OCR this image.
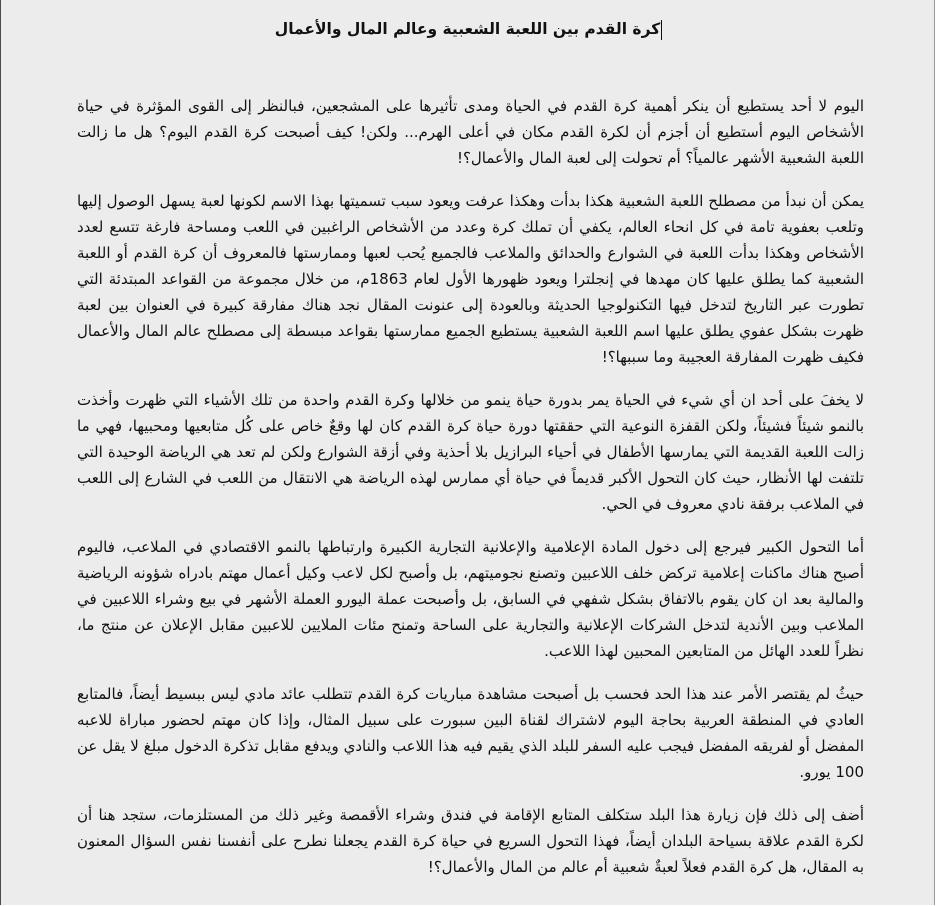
كرة القدم بين اللعبة الشعبية وعالم المال والأعمال

اليوم لا أحد يستطيع أن ينكر أهمية كرة القدم في الحياة ومدى تأثيرها على المشجعين، فبالنظر إلى القوى المؤثرة في حياة الأشخاص اليوم أستطيع أن أجزم أن لكرة القدم مكان في أعلى الهرم... ولكن! كيف أصبحت كرة القدم اليوم؟ هل ما زالت اللعبة الشعبية الأشهر عالمياً؟ أم تحولت إلى لعبة المال والأعمال؟!

يمكن أن نبدأ من مصطلح اللعبة الشعبية هكذا بدأت وهكذا عرفت ويعود سبب تسميتها بهذا الاسم لكونها لعبة يسهل الوصول إليها وتلعب بعفوية تامة في كل انحاء العالم، يكفي أن تملك كرة وعدد من الأشخاص الراغبين في اللعب ومساحة فارغة تتسع لعدد الأشخاص وهكذا بدأت اللعبة في الشوارع والحدائق والملاعب فالجميع يُحب لعبها وممارستها فالمعروف أن كرة القدم أو اللعبة الشعبية كما يطلق عليها كان مهدها في إنجلترا ويعود ظهورها الأول لعام 1863م، من خلال مجموعة من القواعد المبتدئة التي تطورت عبر التاريخ لتدخل فيها التكنولوجيا الحديثة وبالعودة إلى عنونت المقال نجد هناك مفارقة كبيرة في العنوان بين لعبة ظهرت بشكل عفوي يطلق عليها اسم اللعبة الشعبية يستطيع الجميع ممارستها بقواعد مبسطة إلى مصطلح عالم المال والأعمال فكيف ظهرت المفارقة العجيبة وما سببها؟!

لا يخفَ على أحد ان أي شيء في الحياة يمر بدورة حياة ينمو من خلالها وكرة القدم واحدة من تلك الأشياء التي ظهرت وأخذت بالنمو شيئاً فشيئاً، ولكن القفزة النوعية التي حققتها دورة حياة كرة القدم كان لها وقعٌ خاص على كُل متابعيها ومحبيها، فهي ما زالت اللعبة القديمة التي يمارسها الأطفال في أحياء البرازيل بلا أحذية وفي أزقة الشوارع ولكن لم تعد هي الرياضة الوحيدة التي تلتفت لها الأنظار، حيث كان التحول الأكبر قديماً في حياة أي ممارس لهذه الرياضة هي الانتقال من اللعب في الشارع إلى اللعب في الملاعب برفقة نادي معروف في الحي.

أما التحول الكبير فيرجع إلى دخول المادة الإعلامية والإعلانية التجارية الكبيرة وارتباطها بالنمو الاقتصادي في الملاعب، فاليوم أصبح هناك ماكنات إعلامية تركض خلف اللاعبين وتصنع نجوميتهم، بل وأصبح لكل لاعب وكيل أعمال مهتم بادراه شؤونه الرياضية والمالية بعد ان كان يقوم بالاتفاق بشكل شفهي في السابق، بل وأصبحت عملة اليورو العملة الأشهر في بيع وشراء اللاعبين في الملاعب وبين الأندية لتدخل الشركات الإعلانية والتجارية على الساحة وتمنح مئات الملايين للاعبين مقابل الإعلان عن منتج ما، نظراً للعدد الهائل من المتابعين المحبين لهذا اللاعب.

حيثُ لم يقتصر الأمر عند هذا الحد فحسب بل أصبحت مشاهدة مباريات كرة القدم تتطلب عائد مادي ليس ببسيط أيضاً، فالمتابع العادي في المنطقة العربية بحاجة اليوم لاشتراك لقناة البين سبورت على سبيل المثال، وإذا كان مهتم لحضور مباراة للاعبه المفضل أو لفريقه المفضل فيجب عليه السفر للبلد الذي يقيم فيه هذا اللاعب والنادي ويدفع مقابل تذكرة الدخول مبلغ لا يقل عن 100 يورو.

أضف إلى ذلك فإن زيارة هذا البلد ستكلف المتابع الإقامة في فندق وشراء الأقمصة وغير ذلك من المستلزمات، ستجد هنا أن لكرة القدم علاقة بسياحة البلدان أيضاً، فهذا التحول السريع في حياة كرة القدم يجعلنا نطرح على أنفسنا نفس السؤال المعنون به المقال، هل كرة القدم فعلاً لعبةٌ شعبية أم عالم من المال والأعمال؟!
